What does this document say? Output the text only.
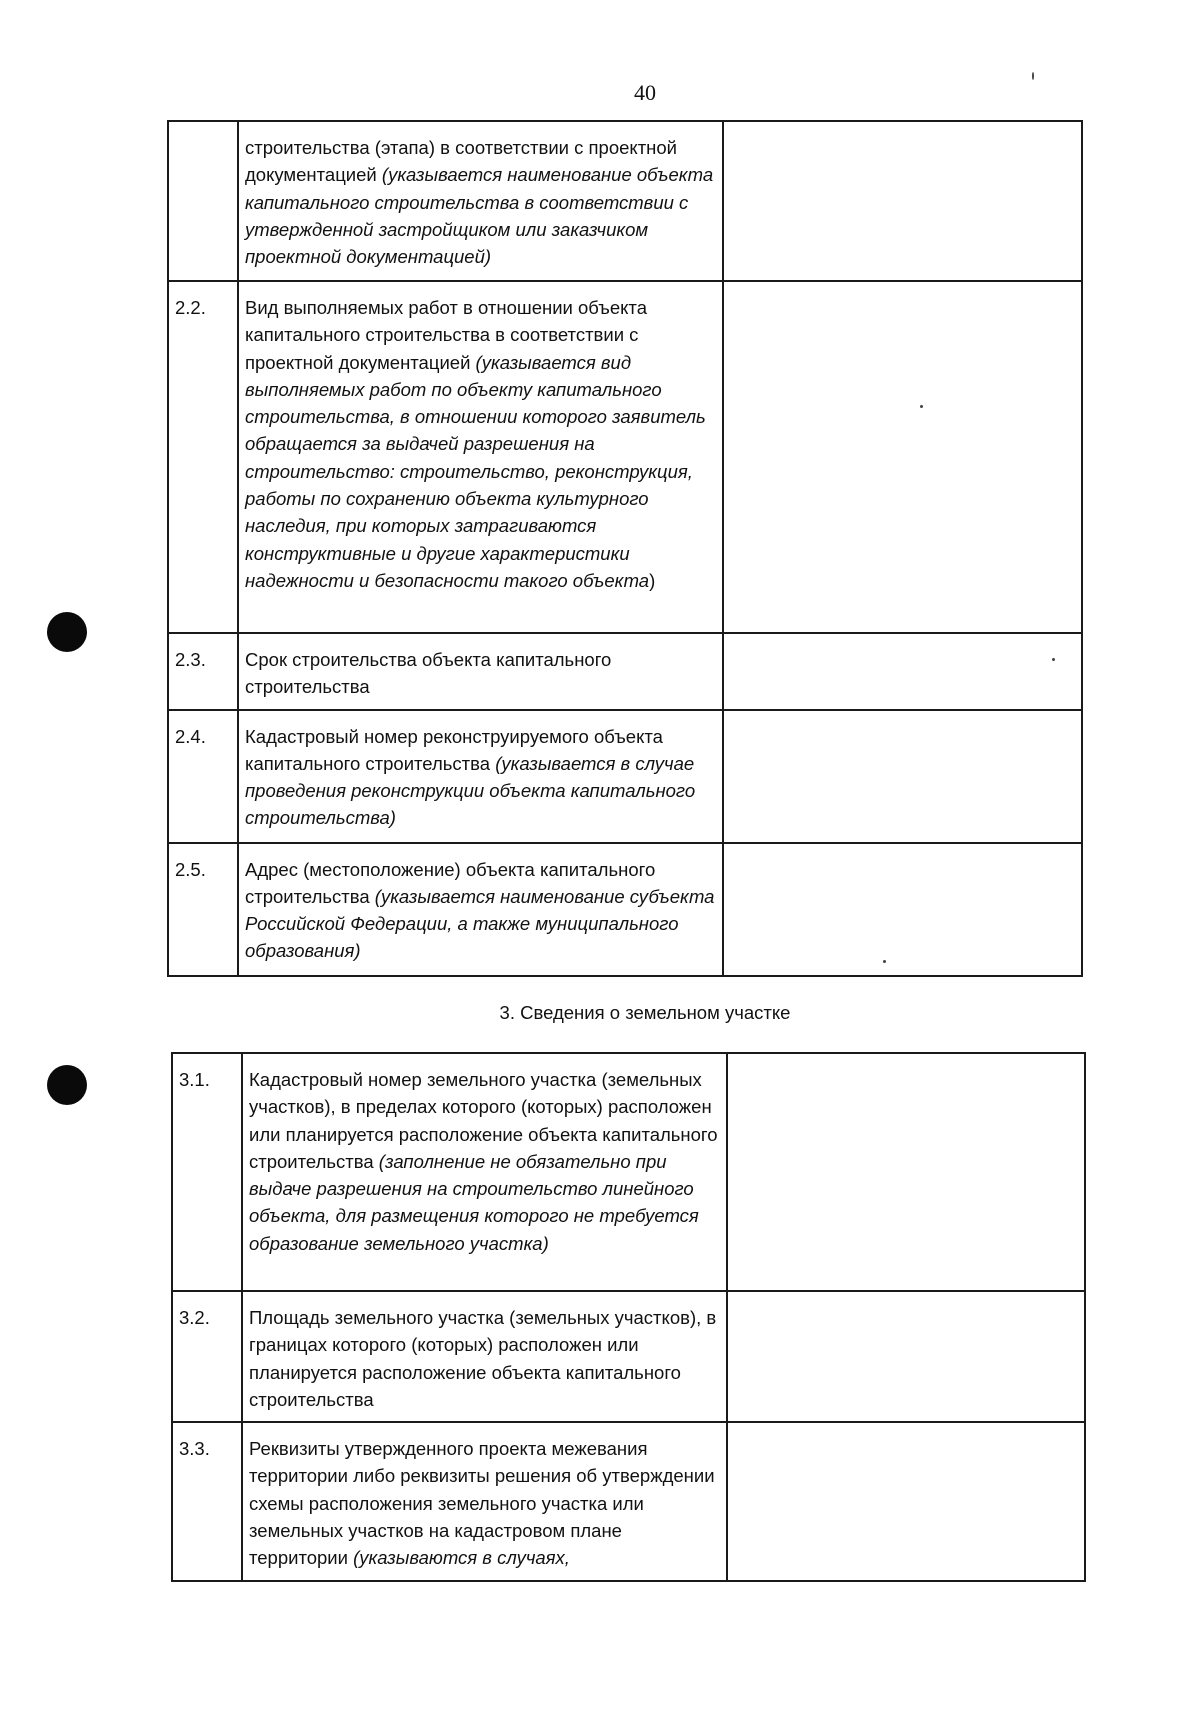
40
	строительства (этапа) в соответствии с проектной документацией (указывается наименование объекта капитального строительства в соответствии с утвержденной застройщиком или заказчиком проектной документацией)	
2.2.	Вид выполняемых работ в отношении объекта капитального строительства в соответствии с проектной документацией (указывается вид выполняемых работ по объекту капитального строительства, в отношении которого заявитель обращается за выдачей разрешения на строительство: строительство, реконструкция, работы по сохранению объекта культурного наследия, при которых затрагиваются конструктивные и другие характеристики надежности и безопасности такого объекта)	
2.3.	Срок строительства объекта капитального строительства	
2.4.	Кадастровый номер реконструируемого объекта капитального строительства (указывается в случае проведения реконструкции объекта капитального строительства)	
2.5.	Адрес (местоположение) объекта капитального строительства (указывается наименование субъекта Российской Федерации, а также муниципального образования)	
3. Сведения о земельном участке
3.1.	Кадастровый номер земельного участка (земельных участков), в пределах которого (которых) расположен или планируется расположение объекта капитального строительства (заполнение не обязательно при выдаче разрешения на строительство линейного объекта, для размещения которого не требуется образование земельного участка)	
3.2.	Площадь земельного участка (земельных участков), в границах которого (которых) расположен или планируется расположение объекта капитального строительства	
3.3.	Реквизиты утвержденного проекта межевания территории либо реквизиты решения об утверждении схемы расположения земельного участка или земельных участков на кадастровом плане территории (указываются в случаях,	
